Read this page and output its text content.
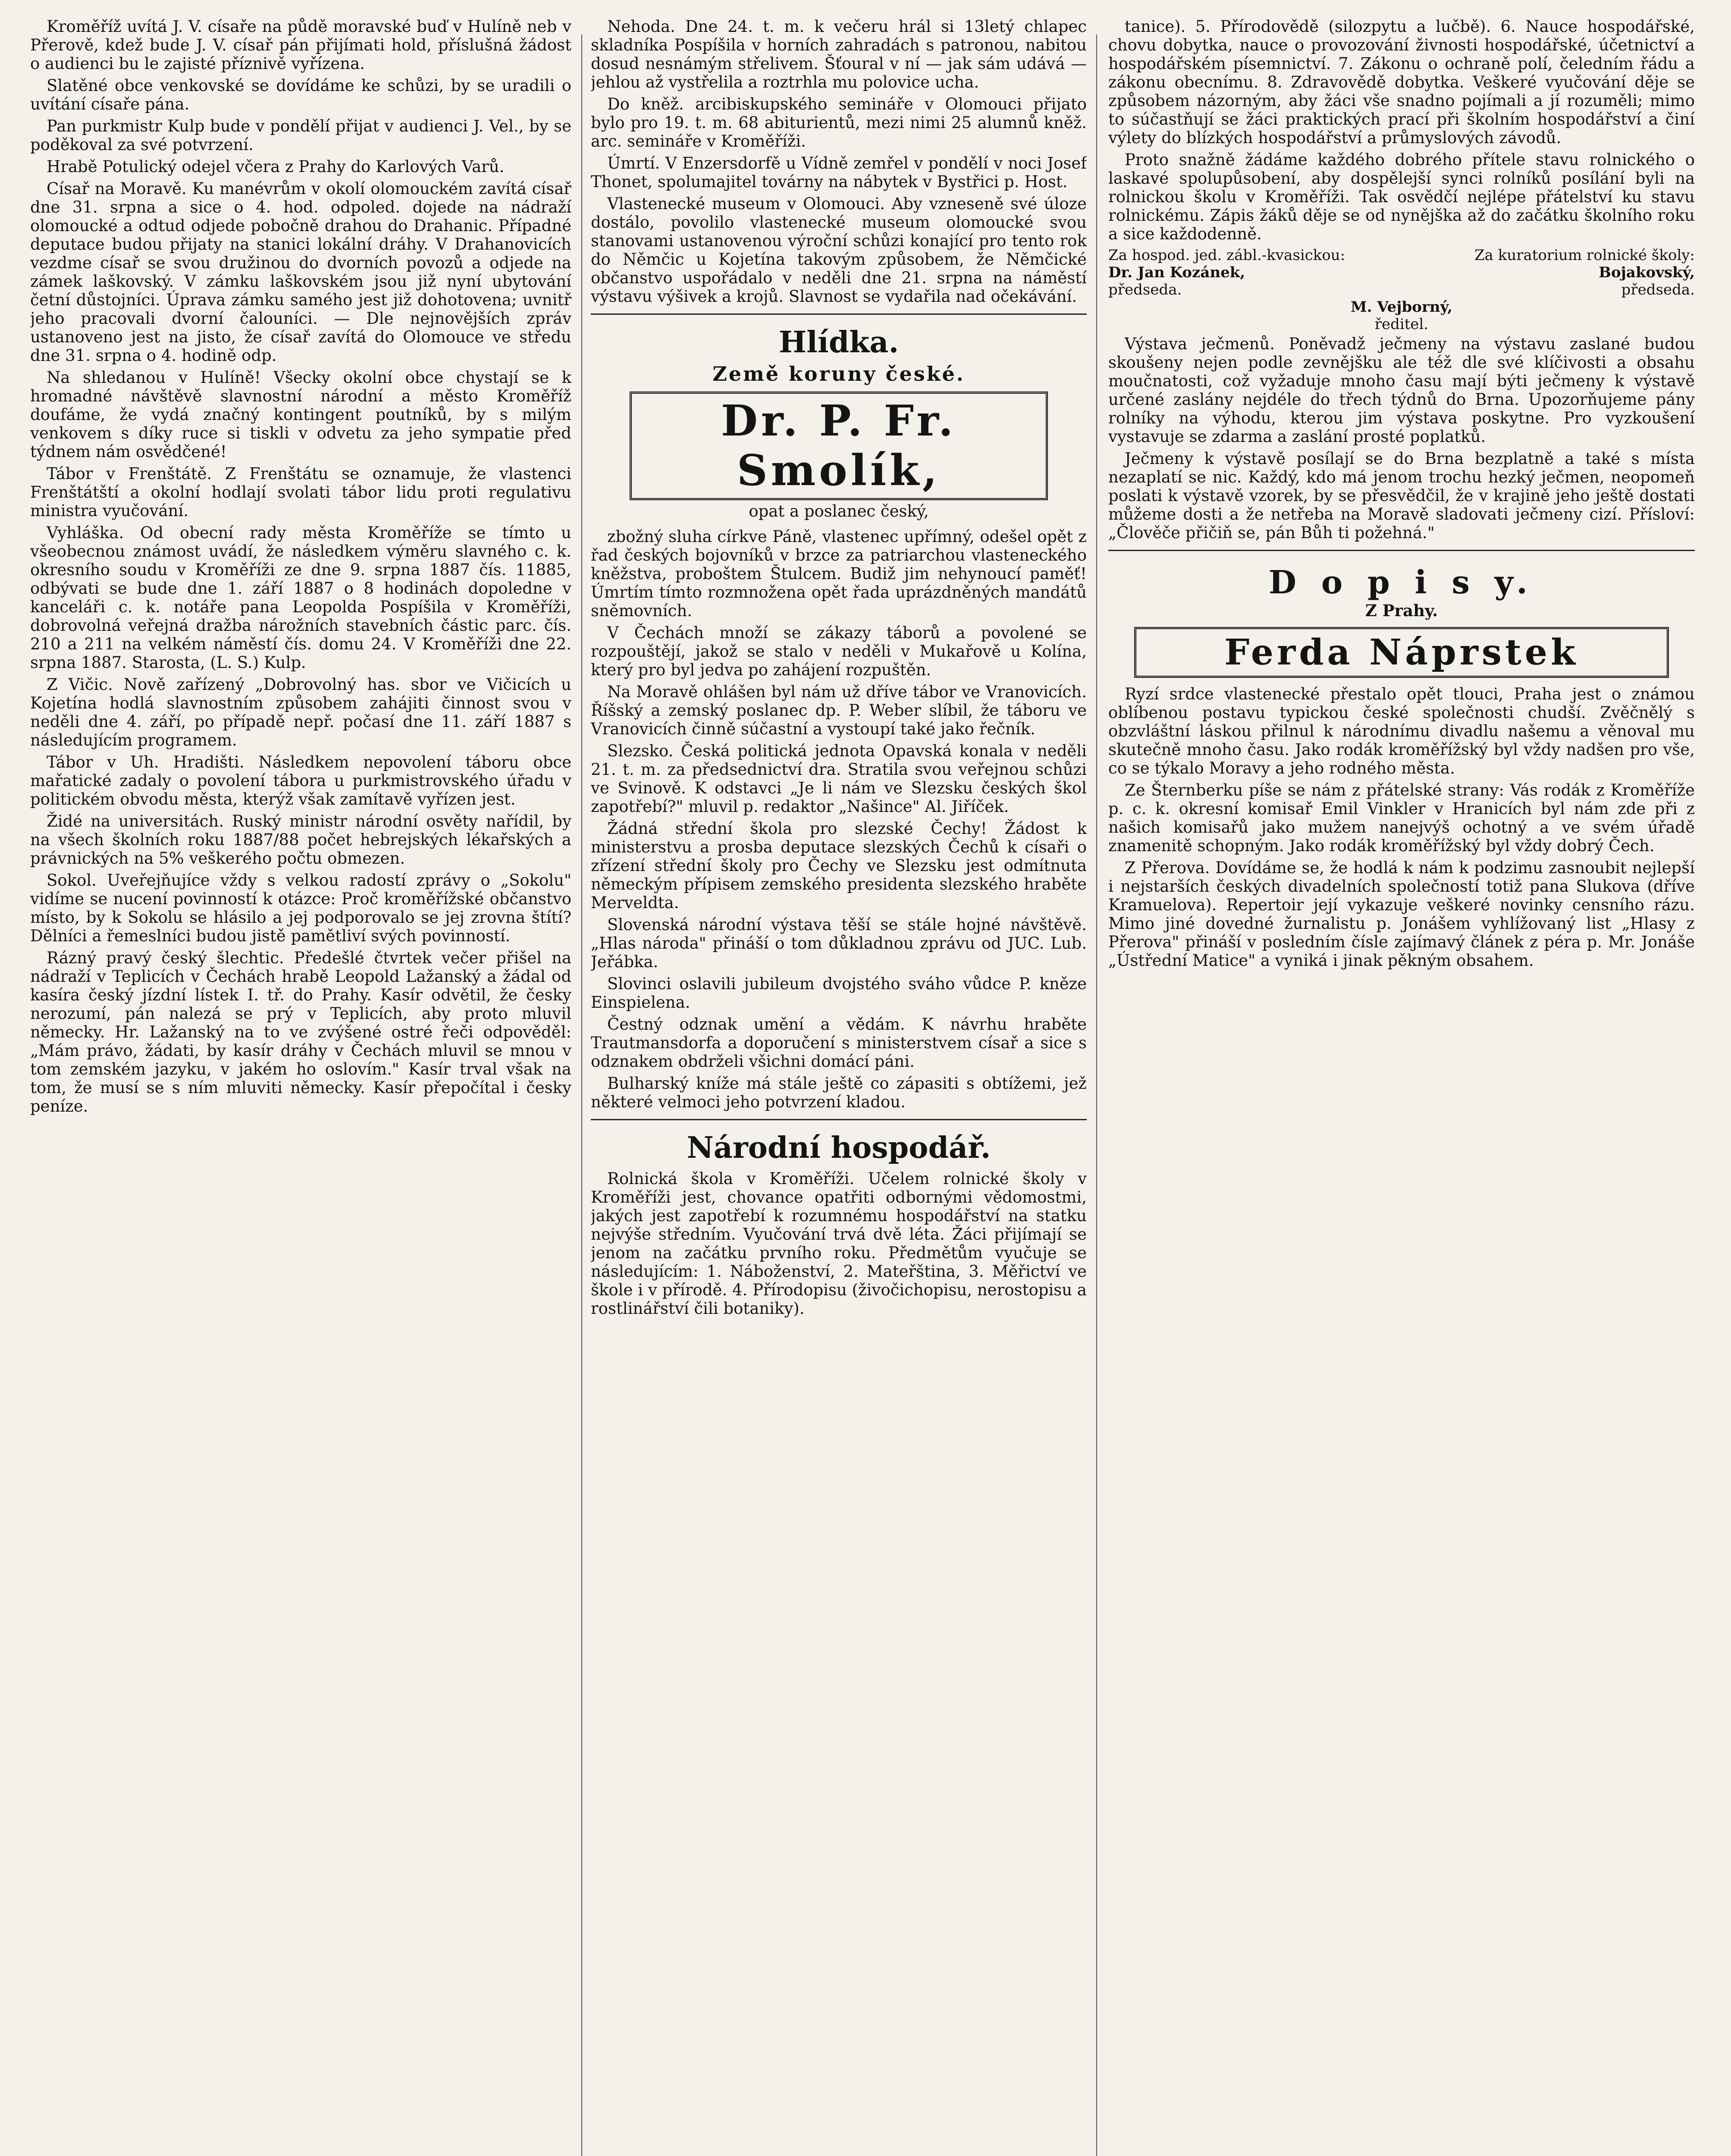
Kroměříž uvítá J. V. císaře na půdě moravské buď v Hulíně neb v Přerově, kdež bude J. V. císař pán přijímati hold, příslušná žádost o audienci bu le zajisté příznivě vyřízena.

Slatěné obce venkovské se dovídáme ke schůzi, by se uradili o uvítání císaře pána.

Pan purkmistr Kulp bude v pondělí přijat v audienci J. Vel., by se poděkoval za své potvrzení.

Hrabě Potulický odejel včera z Prahy do Karlových Varů.

Císař na Moravě. Ku manévrům v okolí olomouckém zavítá císař dne 31. srpna a sice o 4. hod. odpoled. dojede na nádraží olomoucké a odtud odjede pobočně drahou do Drahanic. Případné deputace budou přijaty na stanici lokální dráhy. V Drahanovicích vezdme císař se svou družinou do dvorních povozů a odjede na zámek laškovský. V zámku laškovském jsou již nyní ubytování četní důstojníci. Úprava zámku samého jest již dohotovena; uvnitř jeho pracovali dvorní čalouníci. — Dle nejnovějších zpráv ustanoveno jest na jisto, že císař zavítá do Olomouce ve středu dne 31. srpna o 4. hodině odp.

Na shledanou v Hulíně! Všecky okolní obce chystají se k hromadné návštěvě slavnostní národní a město Kroměříž doufáme, že vydá značný kontingent poutníků, by s milým venkovem s díky ruce si tiskli v odvetu za jeho sympatie před týdnem nám osvědčené!

Tábor v Frenštátě. Z Frenštátu se oznamuje, že vlastenci Frenštátští a okolní hodlají svolati tábor lidu proti regulativu ministra vyučování.

Vyhláška. Od obecní rady města Kroměříže se tímto u všeobecnou známost uvádí, že následkem výměru slavného c. k. okresního soudu v Kroměříži ze dne 9. srpna 1887 čís. 11885, odbývati se bude dne 1. září 1887 o 8 hodinách dopoledne v kanceláři c. k. notáře pana Leopolda Pospíšila v Kroměříži, dobrovolná veřejná dražba nárožních stavebních částic parc. čís. 210 a 211 na velkém náměstí čís. domu 24. V Kroměříži dne 22. srpna 1887. Starosta, (L. S.) Kulp.

Z Vičic. Nově zařízený „Dobrovolný has. sbor ve Vičicích u Kojetína hodlá slavnostním způsobem zahájiti činnost svou v neděli dne 4. září, po případě nepř. počasí dne 11. září 1887 s následujícím programem.

Tábor v Uh. Hradišti. Následkem nepovolení táboru obce mařatické zadaly o povolení tábora u purkmistrovského úřadu v politickém obvodu města, kterýž však zamítavě vyřízen jest.

Židé na universitách. Ruský ministr národní osvěty nařídil, by na všech školních roku 1887/88 počet hebrejských lékařských a právnických na 5% veškerého počtu obmezen.

Sokol. Uveřejňujíce vždy s velkou radostí zprávy o „Sokolu" vidíme se nucení povinností k otázce: Proč kroměřížské občanstvo místo, by k Sokolu se hlásilo a jej podporovalo se jej zrovna štítí? Dělníci a řemeslníci budou jistě pamětliví svých povinností.

Rázný pravý český šlechtic. Předešlé čtvrtek večer přišel na nádraží v Teplicích v Čechách hrabě Leopold Lažanský a žádal od kasíra český jízdní lístek I. tř. do Prahy. Kasír odvětil, že česky nerozumí, pán nalezá se prý v Teplicích, aby proto mluvil německy. Hr. Lažanský na to ve zvýšené ostré řeči odpověděl: „Mám právo, žádati, by kasír dráhy v Čechách mluvil se mnou v tom zemském jazyku, v jakém ho oslovím." Kasír trval však na tom, že musí se s ním mluviti německy. Kasír přepočítal i česky peníze.

Nehoda. Dne 24. t. m. k večeru hrál si 13letý chlapec skladníka Pospíšila v horních zahradách s patronou, nabitou dosud nesnámým střelivem. Šťoural v ní — jak sám udává — jehlou až vystřelila a roztrhla mu polovice ucha.

Do kněž. arcibiskupského semináře v Olomouci přijato bylo pro 19. t. m. 68 abiturientů, mezi nimi 25 alumnů kněž. arc. semináře v Kroměříži.

Úmrtí. V Enzersdorfě u Vídně zemřel v pondělí v noci Josef Thonet, spolumajitel továrny na nábytek v Bystřici p. Host.

Vlastenecké museum v Olomouci. Aby vzneseně své úloze dostálo, povolilo vlastenecké museum olomoucké svou stanovami ustanovenou výroční schůzi konající pro tento rok do Němčic u Kojetína takovým způsobem, že Němčické občanstvo uspořádalo v neděli dne 21. srpna na náměstí výstavu výšivek a krojů. Slavnost se vydařila nad očekávání.

Hlídka.
Země koruny české.
Dr. P. Fr. Smolík,
opat a poslanec český,

zbožný sluha církve Páně, vlastenec upřímný, odešel opět z řad českých bojovníků v brzce za patriarchou vlasteneckého kněžstva, proboštem Štulcem. Budiž jim nehynoucí paměť! Úmrtím tímto rozmnožena opět řada uprázdněných mandátů sněmovních.

V Čechách množí se zákazy táborů a povolené se rozpouštějí, jakož se stalo v neděli v Mukařově u Kolína, který pro byl jedva po zahájení rozpuštěn.

Na Moravě ohlášen byl nám už dříve tábor ve Vranovicích. Říšský a zemský poslanec dp. P. Weber slíbil, že táboru ve Vranovicích činně súčastní a vystoupí také jako řečník.

Slezsko. Česká politická jednota Opavská konala v neděli 21. t. m. za předsednictví dra. Stratila svou veřejnou schůzi ve Svinově. K odstavci „Je li nám ve Slezsku českých škol zapotřebí?" mluvil p. redaktor „Našince" Al. Jiříček.

Žádná střední škola pro slezské Čechy! Žádost k ministerstvu a prosba deputace slezských Čechů k císaři o zřízení střední školy pro Čechy ve Slezsku jest odmítnuta německým přípisem zemského presidenta slezského hraběte Merveldta.

Slovenská národní výstava těší se stále hojné návštěvě. „Hlas národa" přináší o tom důkladnou zprávu od JUC. Lub. Jeřábka.

Slovinci oslavili jubileum dvojstého sváho vůdce P. kněze Einspielena.

Čestný odznak umění a vědám. K návrhu hraběte Trautmansdorfa a doporučení s ministerstvem císař a sice s odznakem obdrželi všichni domácí páni.

Bulharský kníže má stále ještě co zápasiti s obtížemi, jež některé velmoci jeho potvrzení kladou.

Národní hospodář.

Rolnická škola v Kroměříži. Učelem rolnické školy v Kroměříži jest, chovance opatřiti odbornými vědomostmi, jakých jest zapotřebí k rozumnému hospodářství na statku nejvýše středním. Vyučování trvá dvě léta. Žáci přijímají se jenom na začátku prvního roku. Předmětům vyučuje se následujícím: 1. Náboženství, 2. Mateřština, 3. Měřictví ve škole i v přírodě. 4. Přírodopisu (živočichopisu, nerostopisu a rostlinářství čili botaniky).

tanice). 5. Přírodovědě (silozpytu a lučbě). 6. Nauce hospodářské, chovu dobytka, nauce o provozování živnosti hospodářské, účetnictví a hospodářském písemnictví. 7. Zákonu o ochraně polí, čeledním řádu a zákonu obecnímu. 8. Zdravovědě dobytka. Veškeré vyučování děje se způsobem názorným, aby žáci vše snadno pojímali a jí rozuměli; mimo to súčastňují se žáci praktických prací při školním hospodářství a činí výlety do blízkých hospodářství a průmyslových závodů.

Proto snažně žádáme každého dobrého přítele stavu rolnického o laskavé spolupůsobení, aby dospělejší synci rolníků posílání byli na rolnickou školu v Kroměříži. Tak osvědčí nejlépe přátelství ku stavu rolnickému. Zápis žáků děje se od nynějška až do začátku školního roku a sice každodenně.

Za hospod. jed. zábl.-kvasickou:	Za kuratorium rolnické školy:
Dr. Jan Kozánek,	Bojakovský,
předseda.	předseda.
M. Vejborný,
ředitel.

Výstava ječmenů. Poněvadž ječmeny na výstavu zaslané budou skoušeny nejen podle zevnějšku ale též dle své klíčivosti a obsahu moučnatosti, což vyžaduje mnoho času mají býti ječmeny k výstavě určené zaslány nejdéle do třech týdnů do Brna. Upozorňujeme pány rolníky na výhodu, kterou jim výstava poskytne. Pro vyzkoušení vystavuje se zdarma a zaslání prosté poplatků.

Ječmeny k výstavě posílají se do Brna bezplatně a také s místa nezaplatí se nic. Každý, kdo má jenom trochu hezký ječmen, neopomeň poslati k výstavě vzorek, by se přesvědčil, že v krajině jeho ještě dostati můžeme dosti a že netřeba na Moravě sladovati ječmeny cizí. Přísloví: „Člověče přičiň se, pán Bůh ti požehná."

D o p i s y.
Z Prahy.
Ferda Náprstek

Ryzí srdce vlastenecké přestalo opět tlouci, Praha jest o známou oblíbenou postavu typickou české společnosti chudší. Zvěčnělý s obzvláštní láskou přilnul k národnímu divadlu našemu a věnoval mu skutečně mnoho času. Jako rodák kroměřížský byl vždy nadšen pro vše, co se týkalo Moravy a jeho rodného města.

Ze Šternberku píše se nám z přátelské strany: Vás rodák z Kroměříže p. c. k. okresní komisař Emil Vinkler v Hranicích byl nám zde při z našich komisařů jako mužem nanejvýš ochotný a ve svém úřadě znamenitě schopným. Jako rodák kroměřížský byl vždy dobrý Čech.

Z Přerova. Dovídáme se, že hodlá k nám k podzimu zasnoubit nejlepší i nejstarších českých divadelních společností totiž pana Slukova (dříve Kramuelova). Repertoir její vykazuje veškeré novinky censního rázu. Mimo jiné dovedné žurnalistu p. Jonášem vyhlížovaný list „Hlasy z Přerova" přináší v posledním čísle zajímavý článek z péra p. Mr. Jonáše „Ústřední Matice" a vyniká i jinak pěkným obsahem.
